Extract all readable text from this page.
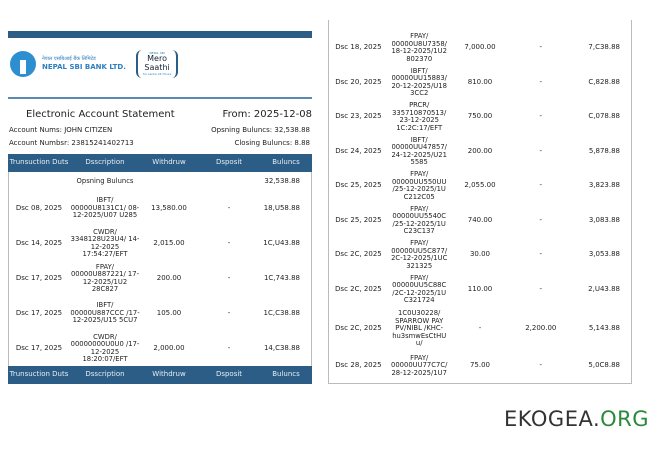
नेपाल एसबिआई बैंक लिमिटेड
NEPAL SBI BANK LTD.
NEPAL SBI
Mero
Saathi
Sri Lanka 24 Hours
Electronic Account Statement	From: 2025-12-08
Account Nums: JOHN CITIZEN	Opsning Buluncs: 32,538.88
Account Numbsr: 23815241402713	Closing Buluncs: 8.88
Trunsuction Duts	Dsscription	Withdruw	Dsposit	Buluncs
	Opsning Buluncs			32,538.88
Dsc 08, 2025	IBFT/ 00000U8131C1/ 08-12-2025/U07 U285	13,580.00	-	18,U58.88
Dsc 14, 2025	CWDR/ 3348128U23U4/ 14-12-2025 17:54:27/EFT	2,015.00	-	1C,U43.88
Dsc 17, 2025	FPAY/ 00000U887221/ 17-12-2025/1U2 28C827	200.00	-	1C,743.88
Dsc 17, 2025	IBFT/ 00000U887CCC /17-12-2025/U15 5CU7	105.00	-	1C,C38.88
Dsc 17, 2025	CWDR/ 00000000U0U0 /17-12-2025 18:20:07/EFT	2,000.00	-	14,C38.88
Trunsuction Duts	Dsscription	Withdruw	Dsposit	Buluncs
Dsc 18, 2025	FPAY/ 00000U8U7358/ 18-12-2025/1U2 802370	7,000.00	-	7,C38.88
Dsc 20, 2025	IBFT/ 00000UU15883/ 20-12-2025/U18 3CC2	810.00	-	C,828.88
Dsc 23, 2025	PRCR/ 335710870513/ 23-12-2025 1C:2C:17/EFT	750.00	-	C,078.88
Dsc 24, 2025	IBFT/ 00000UU47857/ 24-12-2025/U21 5585	200.00	-	5,878.88
Dsc 25, 2025	FPAY/ 00000UU550UU /25-12-2025/1U C212C05	2,055.00	-	3,823.88
Dsc 25, 2025	FPAY/ 00000UU5540C /25-12-2025/1U C23C137	740.00	-	3,083.88
Dsc 2C, 2025	FPAY/ 00000UU5C877/ 2C-12-2025/1UC 321325	30.00	-	3,053.88
Dsc 2C, 2025	FPAY/ 00000UU5C88C /2C-12-2025/1U C321724	110.00	-	2,U43.88
Dsc 2C, 2025	1C0U30228/ SPARROW PAY PV/NIBL /KHC- hu3smwEsCtHU u/	-	2,200.00	5,143.88
Dsc 28, 2025	FPAY/ 00000UU77C7C/ 28-12-2025/1U7	75.00	-	5,0C8.88
EKOGEA.ORG
